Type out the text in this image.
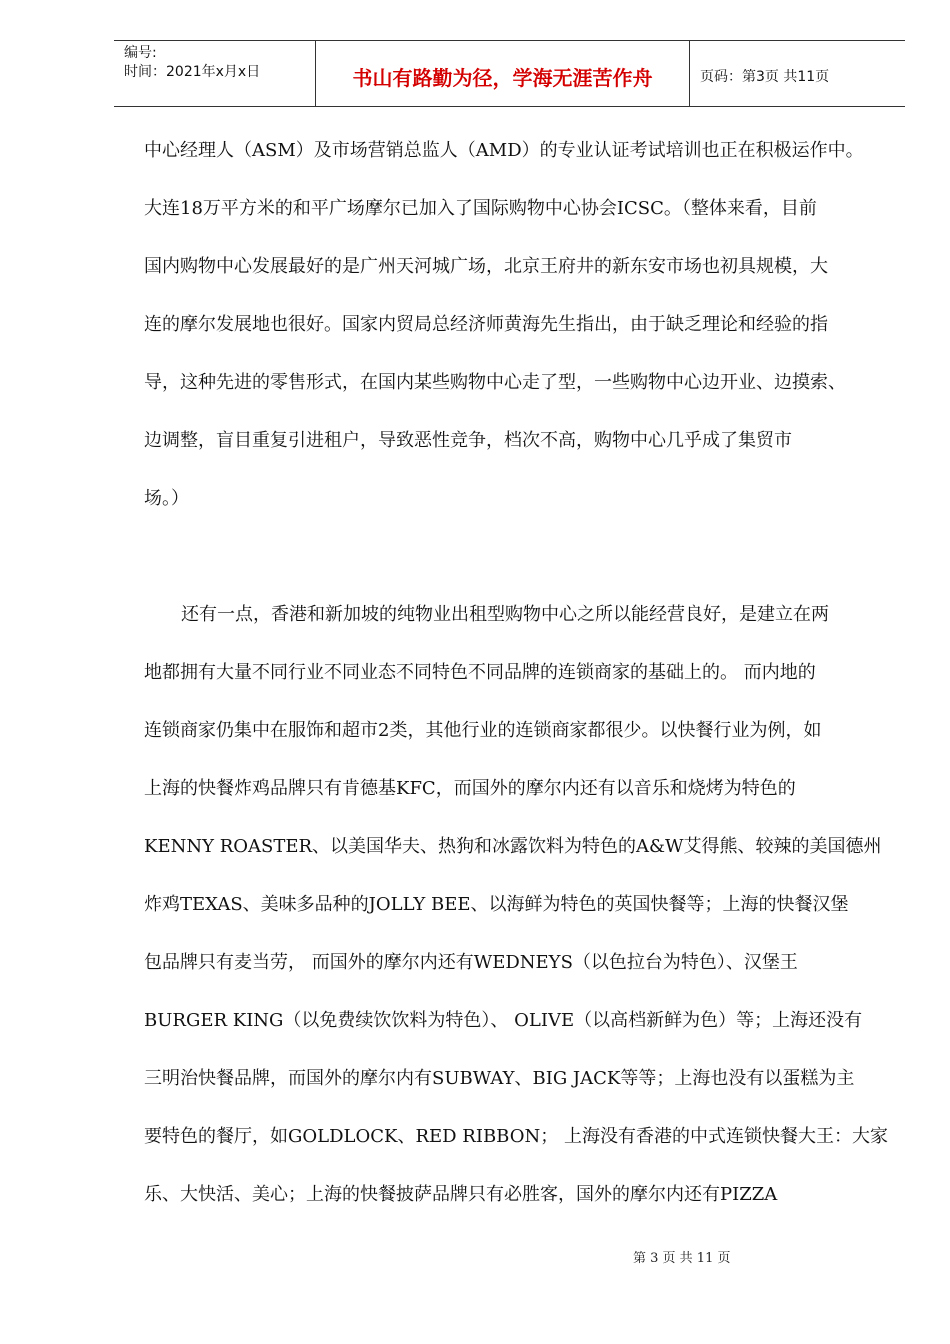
编号:
时间：2021年x月x日	书山有路勤为径，学海无涯苦作舟	页码：第3页 共11页
中心经理人（ASM）及市场营销总监人（AMD）的专业认证考试培训也正在积极运作中。
大连18万平方米的和平广场摩尔已加入了国际购物中心协会ICSC。（整体来看，目前
国内购物中心发展最好的是广州天河城广场，北京王府井的新东安市场也初具规模，大
连的摩尔发展地也很好。国家内贸局总经济师黄海先生指出，由于缺乏理论和经验的指
导，这种先进的零售形式，在国内某些购物中心走了型，一些购物中心边开业、边摸索、
边调整，盲目重复引进租户，导致恶性竞争，档次不高，购物中心几乎成了集贸市
场。）
还有一点，香港和新加坡的纯物业出租型购物中心之所以能经营良好，是建立在两
地都拥有大量不同行业不同业态不同特色不同品牌的连锁商家的基础上的。 而内地的
连锁商家仍集中在服饰和超市2类，其他行业的连锁商家都很少。以快餐行业为例，如
上海的快餐炸鸡品牌只有肯德基KFC，而国外的摩尔内还有以音乐和烧烤为特色的
KENNY ROASTER、以美国华夫、热狗和冰露饮料为特色的A&W艾得熊、较辣的美国德州
炸鸡TEXAS、美味多品种的JOLLY BEE、以海鲜为特色的英国快餐等；上海的快餐汉堡
包品牌只有麦当劳， 而国外的摩尔内还有WEDNEYS（以色拉台为特色）、汉堡王
BURGER KING（以免费续饮饮料为特色）、 OLIVE（以高档新鲜为色）等；上海还没有
三明治快餐品牌，而国外的摩尔内有SUBWAY、BIG JACK等等；上海也没有以蛋糕为主
要特色的餐厅，如GOLDLOCK、RED RIBBON； 上海没有香港的中式连锁快餐大王：大家
乐、大快活、美心；上海的快餐披萨品牌只有必胜客，国外的摩尔内还有PIZZA
第 3 页 共 11 页
